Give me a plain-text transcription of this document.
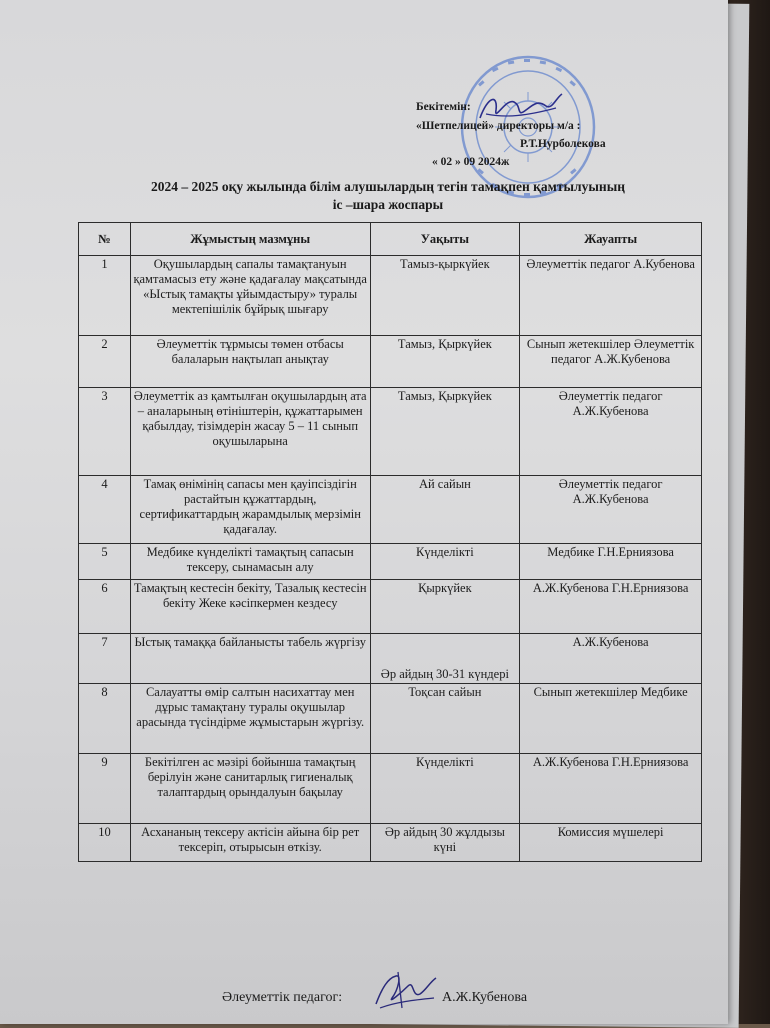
Бекітемін:
«Шетпелицей» директоры м/а :
Р.Т.Нурболекова
« 02 » 09 2024ж
2024 – 2025 оқу жылында білім алушылардың тегін тамақпен қамтылуының
іс –шара жоспары
№	Жұмыстың мазмұны	Уақыты	Жауапты
1	Оқушылардың сапалы тамақтануын қамтамасыз ету және қадағалау мақсатында «Ыстық тамақты ұйымдастыру» туралы мектепішілік бұйрық шығару	Тамыз-қыркүйек	Әлеуметтік педагог А.Кубенова
2	Әлеуметтік тұрмысы төмен отбасы балаларын нақтылап анықтау	Тамыз, Қыркүйек	Сынып жетекшілер Әлеуметтік педагог А.Ж.Кубенова
3	Әлеуметтік аз қамтылған оқушылардың ата – аналарының өтініштерін, құжаттарымен қабылдау, тізімдерін жасау 5 – 11 сынып оқушыларына	Тамыз, Қыркүйек	Әлеуметтік педагог А.Ж.Кубенова
4	Тамақ өнімінің сапасы мен қауіпсіздігін растайтын құжаттардың, сертификаттардың жарамдылық мерзімін қадағалау.	Ай сайын	Әлеуметтік педагог А.Ж.Кубенова
5	Медбике күнделікті тамақтың сапасын тексеру, сынамасын алу	Күнделікті	Медбике Г.Н.Ерниязова
6	Тамақтың кестесін бекіту, Тазалық кестесін бекіту Жеке кәсіпкермен кездесу	Қыркүйек	А.Ж.Кубенова Г.Н.Ерниязова
7	Ыстық тамаққа байланысты табель жүргізу	Әр айдың 30-31 күндері	А.Ж.Кубенова
8	Салауатты өмір салтын насихаттау мен дұрыс тамақтану туралы оқушылар арасында түсіндірме жұмыстарын жүргізу.	Тоқсан сайын	Сынып жетекшілер Медбике
9	Бекітілген ас мәзірі бойынша тамақтың берілуін және санитарлық гигиеналық талаптардың орындалуын бақылау	Күнделікті	А.Ж.Кубенова Г.Н.Ерниязова
10	Асхананың тексеру актісін айына бір рет тексеріп, отырысын өткізу.	Әр айдың 30 жұлдызы күні	Комиссия мүшелері
Әлеуметтік педагог:	А.Ж.Кубенова
